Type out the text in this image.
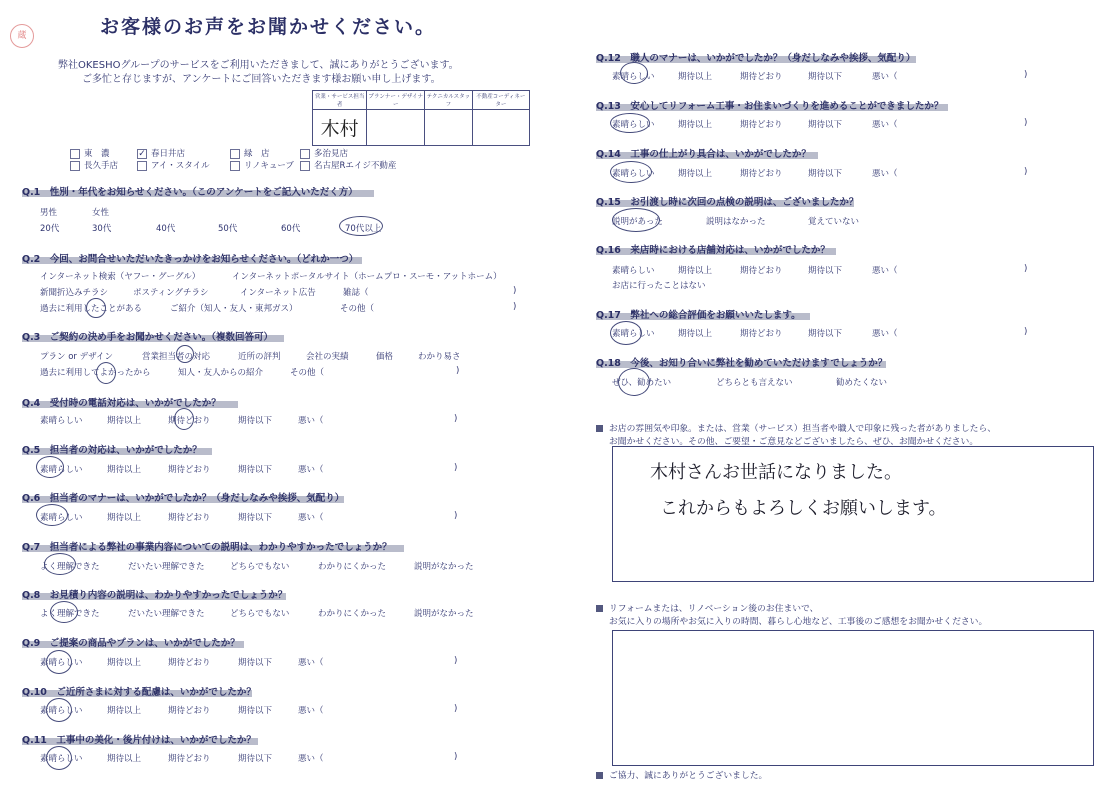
蔵	お客様のお声をお聞かせください。
弊社OKESHOグループのサービスをご利用いただきまして、誠にありがとうございます。
ご多忙と存じますが、アンケートにご回答いただきます様お願い申し上げます。
営業・サービス担当者	プランナー・デザイナー	テクニカルスタッフ	不動産コーディネーター
木村			
東　濃	✓ 春日井店	緑　店	多治見店
長久手店	アイ・スタイル	リノキューブ	名古屋Rエイジ不動産
Q.1　性別・年代をお知らせください。（このアンケートをご記入いただく方）
男性	女性
20代	30代	40代	50代	60代	70代以上
Q.2　今回、お問合せいただいたきっかけをお知らせください。（どれか一つ）
インターネット検索（ヤフー・グーグル）	インターネットポータルサイト（ホームプロ・スーモ・アットホーム）
新聞折込みチラシ	ポスティングチラシ	インターネット広告	雑誌（	)
過去に利用したことがある	ご紹介（知人・友人・東邦ガス）	その他（	)
Q.3　ご契約の決め手をお聞かせください。（複数回答可）
プラン or デザイン	営業担当者の対応	近所の評判	会社の実績	価格	わかり易さ
過去に利用してよかったから	知人・友人からの紹介	その他（	)
Q.4　受付時の電話対応は、いかがでしたか？
素晴らしい	期待以上	期待どおり	期待以下	悪い（	)
Q.5　担当者の対応は、いかがでしたか？
素晴らしい	期待以上	期待どおり	期待以下	悪い（	)
Q.6　担当者のマナーは、いかがでしたか？（身だしなみや挨拶、気配り）
素晴らしい	期待以上	期待どおり	期待以下	悪い（	)
Q.7　担当者による弊社の事業内容についての説明は、わかりやすかったでしょうか？
よく理解できた	だいたい理解できた	どちらでもない	わかりにくかった	説明がなかった
Q.8　お見積り内容の説明は、わかりやすかったでしょうか？
よく理解できた	だいたい理解できた	どちらでもない	わかりにくかった	説明がなかった
Q.9　ご提案の商品やプランは、いかがでしたか？
素晴らしい	期待以上	期待どおり	期待以下	悪い（	)
Q.10　ご近所さまに対する配慮は、いかがでしたか？
素晴らしい	期待以上	期待どおり	期待以下	悪い（	)
Q.11　工事中の美化・後片付けは、いかがでしたか？
素晴らしい	期待以上	期待どおり	期待以下	悪い（	)
Q.12　職人のマナーは、いかがでしたか？（身だしなみや挨拶、気配り）
素晴らしい	期待以上	期待どおり	期待以下	悪い（	)
Q.13　安心してリフォーム工事・お住まいづくりを進めることができましたか？
素晴らしい	期待以上	期待どおり	期待以下	悪い（	)
Q.14　工事の仕上がり具合は、いかがでしたか？
素晴らしい	期待以上	期待どおり	期待以下	悪い（	)
Q.15　お引渡し時に次回の点検の説明は、ございましたか？
説明があった	説明はなかった	覚えていない
Q.16　来店時における店舗対応は、いかがでしたか？
素晴らしい	期待以上	期待どおり	期待以下	悪い（	)
お店に行ったことはない
Q.17　弊社への総合評価をお願いいたします。
素晴らしい	期待以上	期待どおり	期待以下	悪い（	)
Q.18　今後、お知り合いに弊社を勧めていただけますでしょうか？
ぜひ、勧めたい	どちらとも言えない	勧めたくない
お店の雰囲気や印象。または、営業（サービス）担当者や職人で印象に残った者がありましたら、
お聞かせください。その他、ご要望・ご意見などございましたら、ぜひ、お聞かせください。
木村さんお世話になりました。
これからもよろしくお願いします。
リフォームまたは、リノベーション後のお住まいで、
お気に入りの場所やお気に入りの時間、暮らし心地など、工事後のご感想をお聞かせください。
ご協力、誠にありがとうございました。
